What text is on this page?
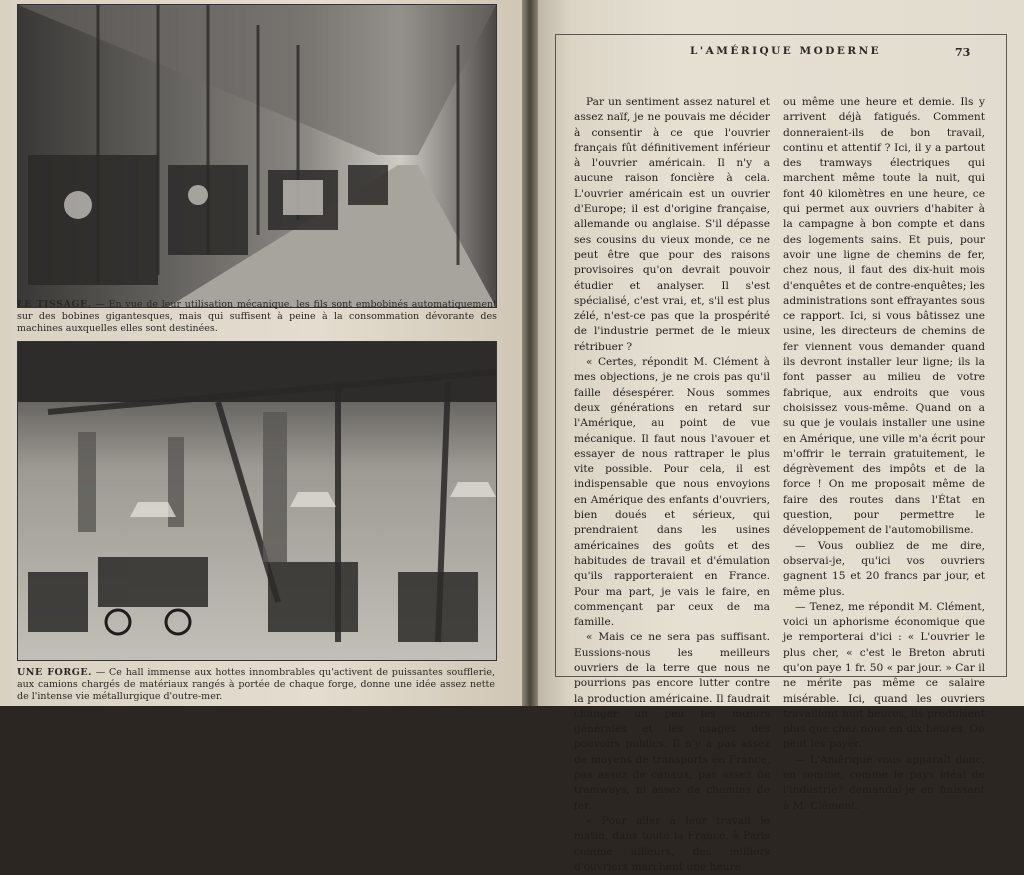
LE TISSAGE. — En vue de leur utilisation mécanique, les fils sont embobinés automatiquement sur des bobines gigantesques, mais qui suffisent à peine à la consommation dévorante des machines auxquelles elles sont destinées.
UNE FORGE. — Ce hall immense aux hottes innombrables qu'activent de puissantes soufflerie, aux camions chargés de matériaux rangés à portée de chaque forge, donne une idée assez nette de l'intense vie métallurgique d'outre-mer.
L'AMÉRIQUE MODERNE	73

Par un sentiment assez naturel et assez naïf, je ne pouvais me décider à consentir à ce que l'ouvrier français fût définitivement inférieur à l'ouvrier américain. Il n'y a aucune raison foncière à cela. L'ouvrier américain est un ouvrier d'Europe; il est d'origine française, allemande ou anglaise. S'il dépasse ses cousins du vieux monde, ce ne peut être que pour des raisons provisoires qu'on devrait pouvoir étudier et analyser. Il s'est spécialisé, c'est vrai, et, s'il est plus zélé, n'est-ce pas que la prospérité de l'industrie permet de le mieux rétribuer ?

« Certes, répondit M. Clément à mes objections, je ne crois pas qu'il faille désespérer. Nous sommes deux générations en retard sur l'Amérique, au point de vue mécanique. Il faut nous l'avouer et essayer de nous rattraper le plus vite possible. Pour cela, il est indispensable que nous envoyions en Amérique des enfants d'ouvriers, bien doués et sérieux, qui prendraient dans les usines américaines des goûts et des habitudes de travail et d'émulation qu'ils rapporteraient en France. Pour ma part, je vais le faire, en commençant par ceux de ma famille.

« Mais ce ne sera pas suffisant. Eussions-nous les meilleurs ouvriers de la terre que nous ne pourrions pas encore lutter contre la production américaine. Il faudrait changer un peu les mœurs générales et les usages des pouvoirs publics. Il n'y a pas assez de moyens de transports en France, pas assez de canaux, pas assez de tramways, ni assez de chemins de fer.

« Pour aller à leur travail le matin, dans toute la France, à Paris comme ailleurs, des milliers d'ouvriers marchent une heure

ou même une heure et demie. Ils y arrivent déjà fatigués. Comment donneraient-ils de bon travail, continu et attentif ? Ici, il y a partout des tramways électriques qui marchent même toute la nuit, qui font 40 kilomètres en une heure, ce qui permet aux ouvriers d'habiter à la campagne à bon compte et dans des logements sains. Et puis, pour avoir une ligne de chemins de fer, chez nous, il faut des dix-huit mois d'enquêtes et de contre-enquêtes; les administrations sont effrayantes sous ce rapport. Ici, si vous bâtissez une usine, les directeurs de chemins de fer viennent vous demander quand ils devront installer leur ligne; ils la font passer au milieu de votre fabrique, aux endroits que vous choisissez vous-même. Quand on a su que je voulais installer une usine en Amérique, une ville m'a écrit pour m'offrir le terrain gratuitement, le dégrèvement des impôts et de la force ! On me proposait même de faire des routes dans l'État en question, pour permettre le développement de l'automobilisme.

— Vous oubliez de me dire, observai-je, qu'ici vos ouvriers gagnent 15 et 20 francs par jour, et même plus.

— Tenez, me répondit M. Clément, voici un aphorisme économique que je remporterai d'ici : « L'ouvrier le plus cher, « c'est le Breton abruti qu'on paye 1 fr. 50 « par jour. » Car il ne mérite pas même ce salaire misérable. Ici, quand les ouvriers travaillent huit heures, ils produisent plus que chez nous en dix heures. On peut les payer.

— L'Amérique vous apparaît donc, en somme, comme le pays idéal de l'industrie? demandai-je en finissant à M. Clément.
